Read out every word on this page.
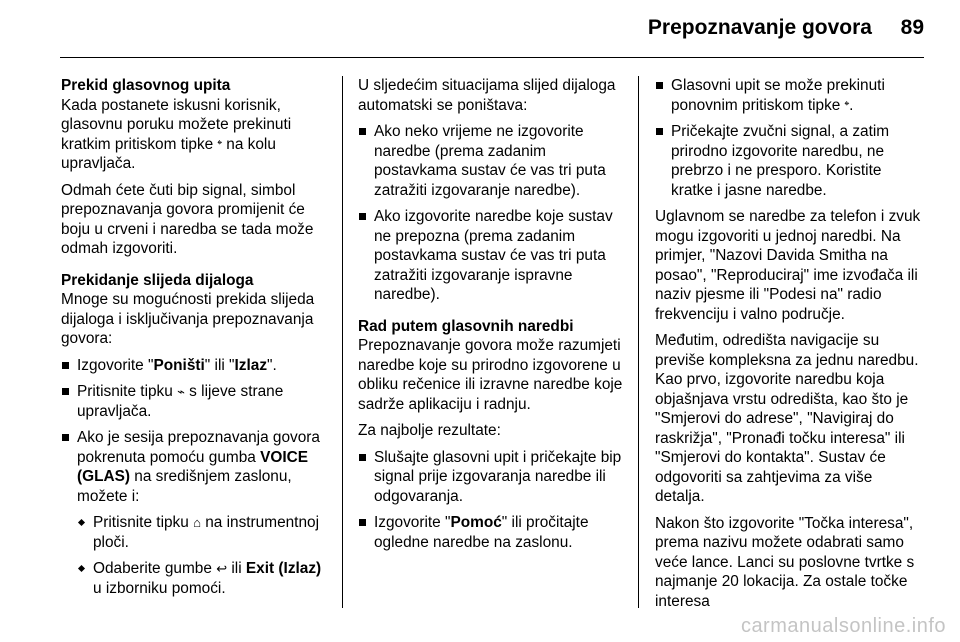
Prepoznavanje govora 89
Prekid glasovnog upita

Kada postanete iskusni korisnik, glasovnu poruku možete prekinuti kratkim pritiskom tipke 𝄌 na kolu upravljača.

Odmah ćete čuti bip signal, simbol prepoznavanja govora promijenit će boju u crveni i naredba se tada može odmah izgovoriti.

Prekidanje slijeda dijaloga

Mnoge su mogućnosti prekida slijeda dijaloga i isključivanja prepoznavanja govora:

Izgovorite "Poništi" ili "Izlaz".
Pritisnite tipku ⌁ s lijeve strane upravljača.
Ako je sesija prepoznavanja govora pokrenuta pomoću gumba VOICE (GLAS) na središnjem zaslonu, možete i:
Pritisnite tipku ⌂ na instrumentnoj ploči.
Odaberite gumbe ↩ ili Exit (Izlaz) u izborniku pomoći.

U sljedećim situacijama slijed dijaloga automatski se poništava:

Ako neko vrijeme ne izgovorite naredbe (prema zadanim postavkama sustav će vas tri puta zatražiti izgovaranje naredbe).
Ako izgovorite naredbe koje sustav ne prepozna (prema zadanim postavkama sustav će vas tri puta zatražiti izgovaranje ispravne naredbe).
Rad putem glasovnih naredbi

Prepoznavanje govora može razumjeti naredbe koje su prirodno izgovorene u obliku rečenice ili izravne naredbe koje sadrže aplikaciju i radnju.

Za najbolje rezultate:

Slušajte glasovni upit i pričekajte bip signal prije izgovaranja naredbe ili odgovaranja.
Izgovorite "Pomoć" ili pročitajte ogledne naredbe na zaslonu.
Glasovni upit se može prekinuti ponovnim pritiskom tipke 𝄌.
Pričekajte zvučni signal, a zatim prirodno izgovorite naredbu, ne prebrzo i ne presporo. Koristite kratke i jasne naredbe.

Uglavnom se naredbe za telefon i zvuk mogu izgovoriti u jednoj naredbi. Na primjer, "Nazovi Davida Smitha na posao", "Reproduciraj" ime izvođača ili naziv pjesme ili "Podesi na" radio frekvenciju i valno područje.

Međutim, odredišta navigacije su previše kompleksna za jednu naredbu. Kao prvo, izgovorite naredbu koja objašnjava vrstu odredišta, kao što je "Smjerovi do adrese", "Navigiraj do raskrižja", "Pronađi točku interesa" ili "Smjerovi do kontakta". Sustav će odgovoriti sa zahtjevima za više detalja.

Nakon što izgovorite "Točka interesa", prema nazivu možete odabrati samo veće lance. Lanci su poslovne tvrtke s najmanje 20 lokacija. Za ostale točke interesa

carmanualsonline.info
